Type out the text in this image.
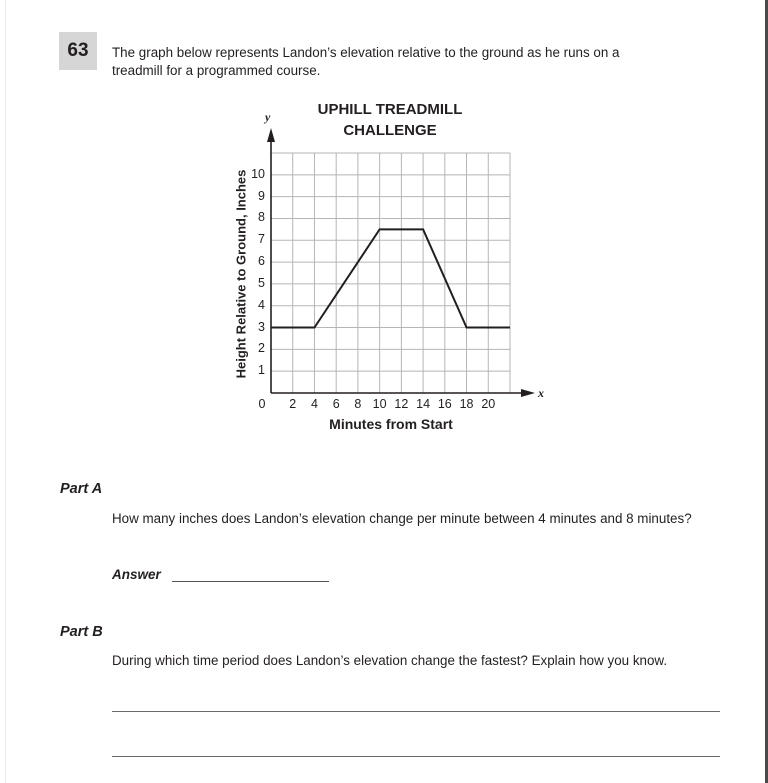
63	The graph below represents Landon’s elevation relative to the ground as he runs on a treadmill for a programmed course.
UPHILL TREADMILL
CHALLENGE
y
x
Height Relative to Ground, Inches
Minutes from Start
1
2
3
4
5
6
7
8
9
10
0	2	4	6	8 10 12 14 16 18 20
Part A
How many inches does Landon’s elevation change per minute between 4 minutes and 8 minutes?
Answer
Part B
During which time period does Landon’s elevation change the fastest? Explain how you know.
